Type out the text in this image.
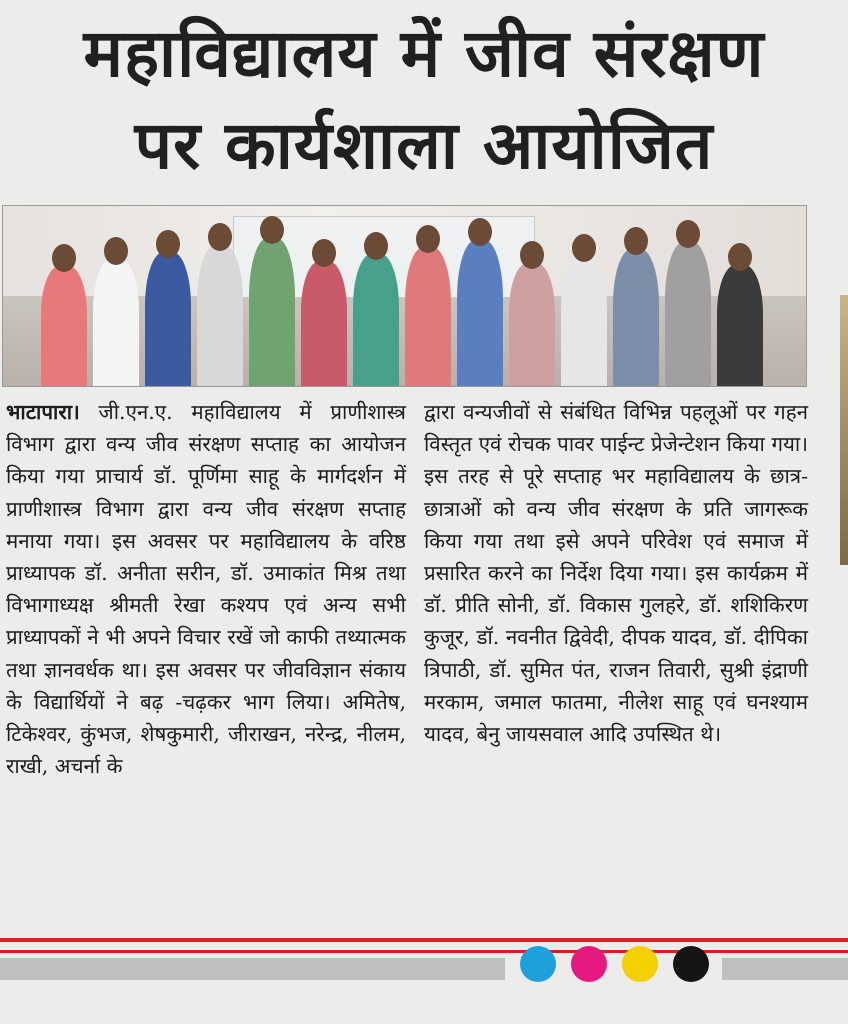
महाविद्यालय में जीव संरक्षण
पर कार्यशाला आयोजित
भाटापारा। जी.एन.ए. महाविद्यालय में प्राणीशास्त्र विभाग द्वारा वन्य जीव संरक्षण सप्ताह का आयोजन किया गया प्राचार्य डॉ. पूर्णिमा साहू के मार्गदर्शन में प्राणीशास्त्र विभाग द्वारा वन्य जीव संरक्षण सप्ताह मनाया गया। इस अवसर पर महाविद्यालय के वरिष्ठ प्राध्यापक डॉ. अनीता सरीन, डॉ. उमाकांत मिश्र तथा विभागाध्यक्ष श्रीमती रेखा कश्यप एवं अन्य सभी प्राध्यापकों ने भी अपने विचार रखें जो काफी तथ्यात्मक तथा ज्ञानवर्धक था। इस अवसर पर जीवविज्ञान संकाय के विद्यार्थियों ने बढ़ -चढ़कर भाग लिया। अमितेष, टिकेश्वर, कुंभज, शेषकुमारी, जीराखन, नरेन्द्र, नीलम, राखी, अचर्ना के
द्वारा वन्यजीवों से संबंधित विभिन्न पहलूओं पर गहन विस्तृत एवं रोचक पावर पाईन्ट प्रेजेन्टेशन किया गया। इस तरह से पूरे सप्ताह भर महाविद्यालय के छात्र-छात्राओं को वन्य जीव संरक्षण के प्रति जागरूक किया गया तथा इसे अपने परिवेश एवं समाज में प्रसारित करने का निर्देश दिया गया। इस कार्यक्रम में डॉ. प्रीति सोनी, डॉ. विकास गुलहरे, डॉ. शशिकिरण कुजूर, डॉ. नवनीत द्विवेदी, दीपक यादव, डॉ. दीपिका त्रिपाठी, डॉ. सुमित पंत, राजन तिवारी, सुश्री इंद्राणी मरकाम, जमाल फातमा, नीलेश साहू एवं घनश्याम यादव, बेनु जायसवाल आदि उपस्थित थे।
